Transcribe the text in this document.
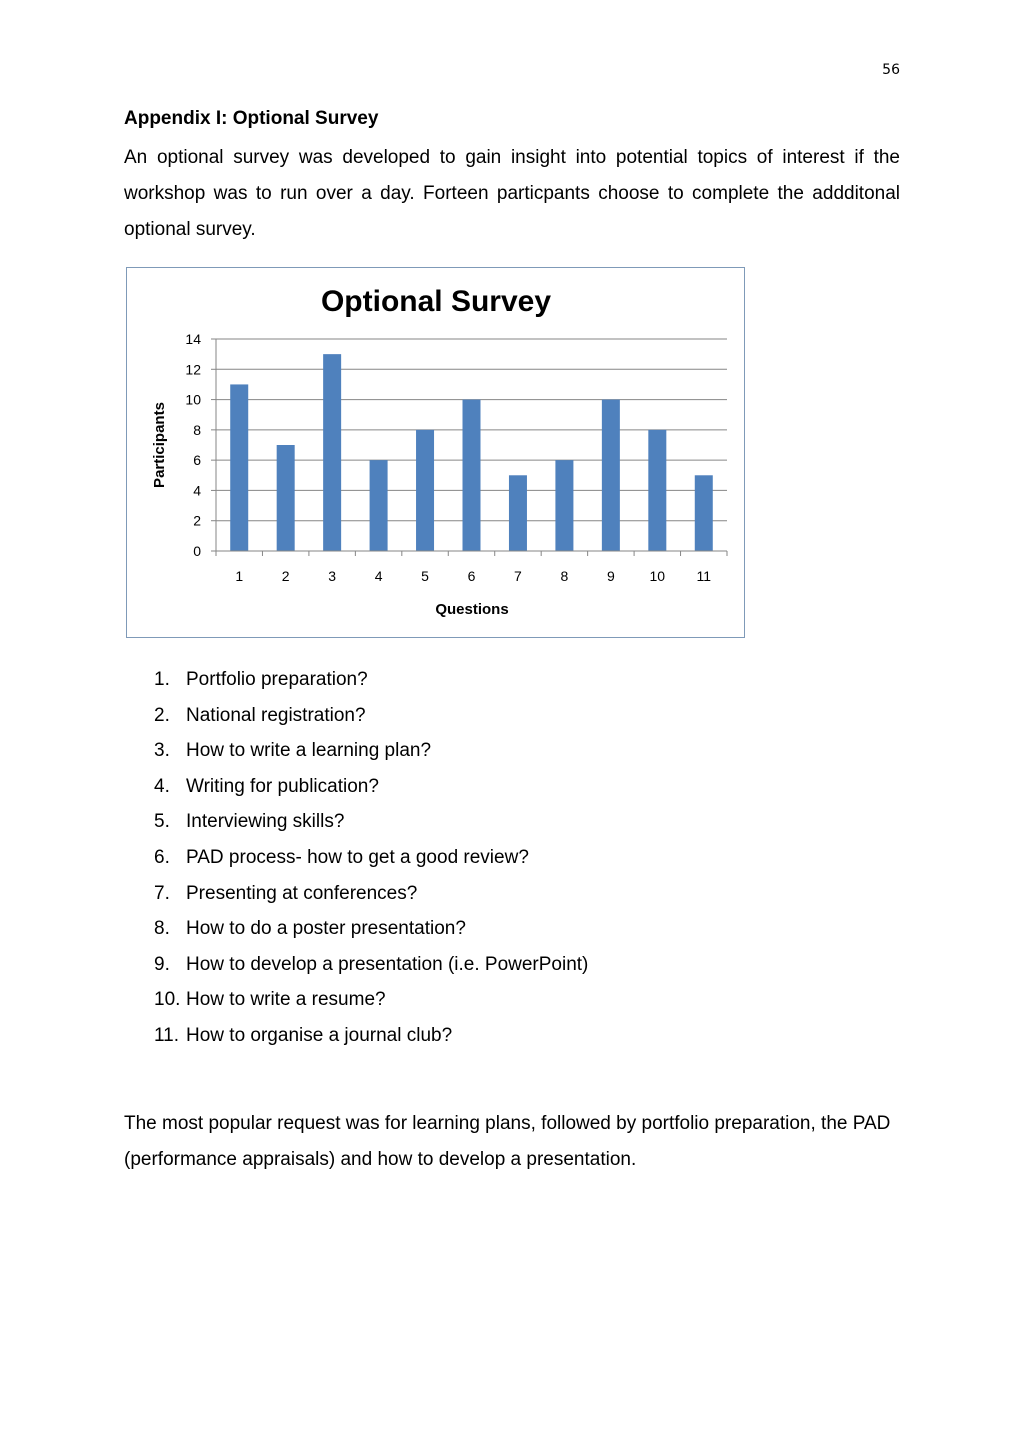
56
Appendix I: Optional Survey

An optional survey was developed to gain insight into potential topics of interest if the workshop was to run over a day. Forteen particpants choose to complete the addditonal optional survey.

Optional Survey
0
2
4
6
8
10
12
14
1	2	3	4	5	6	7	8	9 10 11
Questions
Participants
1. Portfolio preparation?
2. National registration?
3. How to write a learning plan?
4. Writing for publication?
5. Interviewing skills?
6. PAD process- how to get a good review?
7. Presenting at conferences?
8. How to do a poster presentation?
9. How to develop a presentation (i.e. PowerPoint)
10. How to write a resume?
11. How to organise a journal club?

The most popular request was for learning plans, followed by portfolio preparation, the PAD (performance appraisals) and how to develop a presentation.
